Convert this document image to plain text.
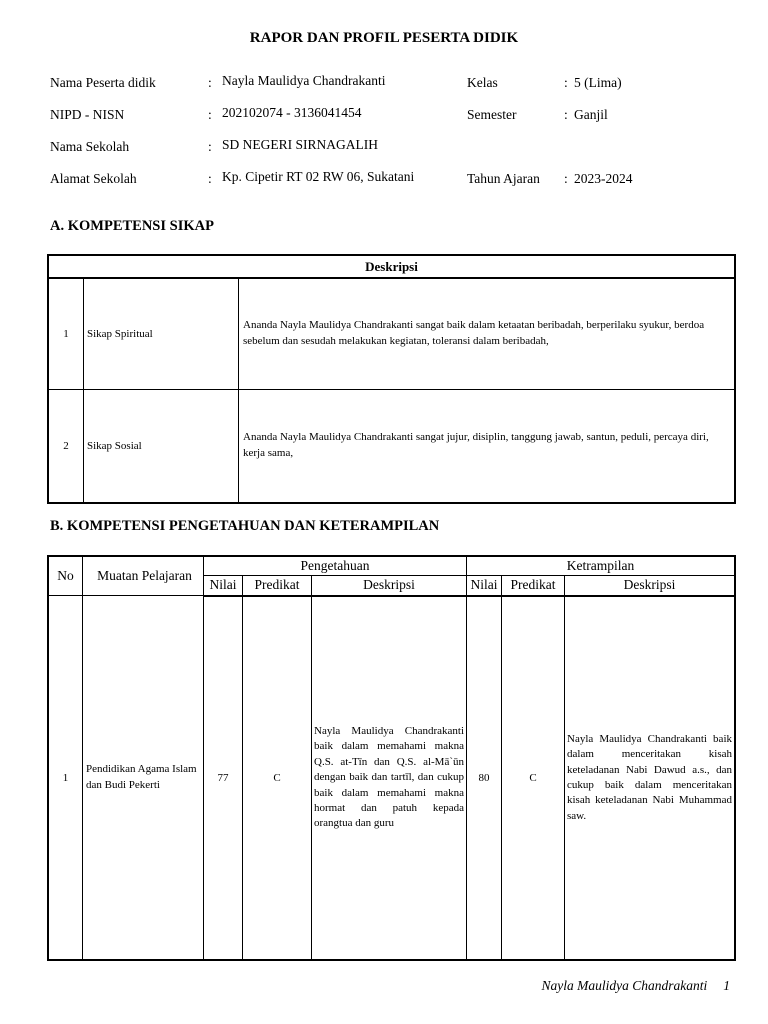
RAPOR DAN PROFIL PESERTA DIDIK
Nama Peserta didik	: Nayla Maulidya Chandrakanti	Kelas	: 5 (Lima)
NIPD - NISN	: 202102074 - 3136041454	Semester	: Ganjil
Nama Sekolah	: SD NEGERI SIRNAGALIH
Alamat Sekolah	: Kp. Cipetir RT 02 RW 06, Sukatani	Tahun Ajaran : 2023-2024
A. KOMPETENSI SIKAP
Deskripsi		
1	Sikap Spiritual	Ananda Nayla Maulidya Chandrakanti sangat baik dalam ketaatan beribadah, berperilaku syukur, berdoa sebelum dan sesudah melakukan kegiatan, toleransi dalam beribadah,
2	Sikap Sosial	Ananda Nayla Maulidya Chandrakanti sangat jujur, disiplin, tanggung jawab, santun, peduli, percaya diri, kerja sama,
B. KOMPETENSI PENGETAHUAN DAN KETERAMPILAN
No	Muatan Pelajaran	Pengetahuan			Ketrampilan		
		Nilai	Predikat	Deskripsi	Nilai	Predikat	Deskripsi
1	Pendidikan Agama Islam dan Budi Pekerti	77	C	Nayla Maulidya Chandrakanti baik dalam memahami makna Q.S. at-Tīn dan Q.S. al-Mā`ūn dengan baik dan tartīl, dan cukup baik dalam memahami makna hormat dan patuh kepada orangtua dan guru	80	C	Nayla Maulidya Chandrakanti baik dalam menceritakan kisah keteladanan Nabi Dawud a.s., dan cukup baik dalam menceritakan kisah keteladanan Nabi Muhammad saw.
Nayla Maulidya Chandrakanti 1
